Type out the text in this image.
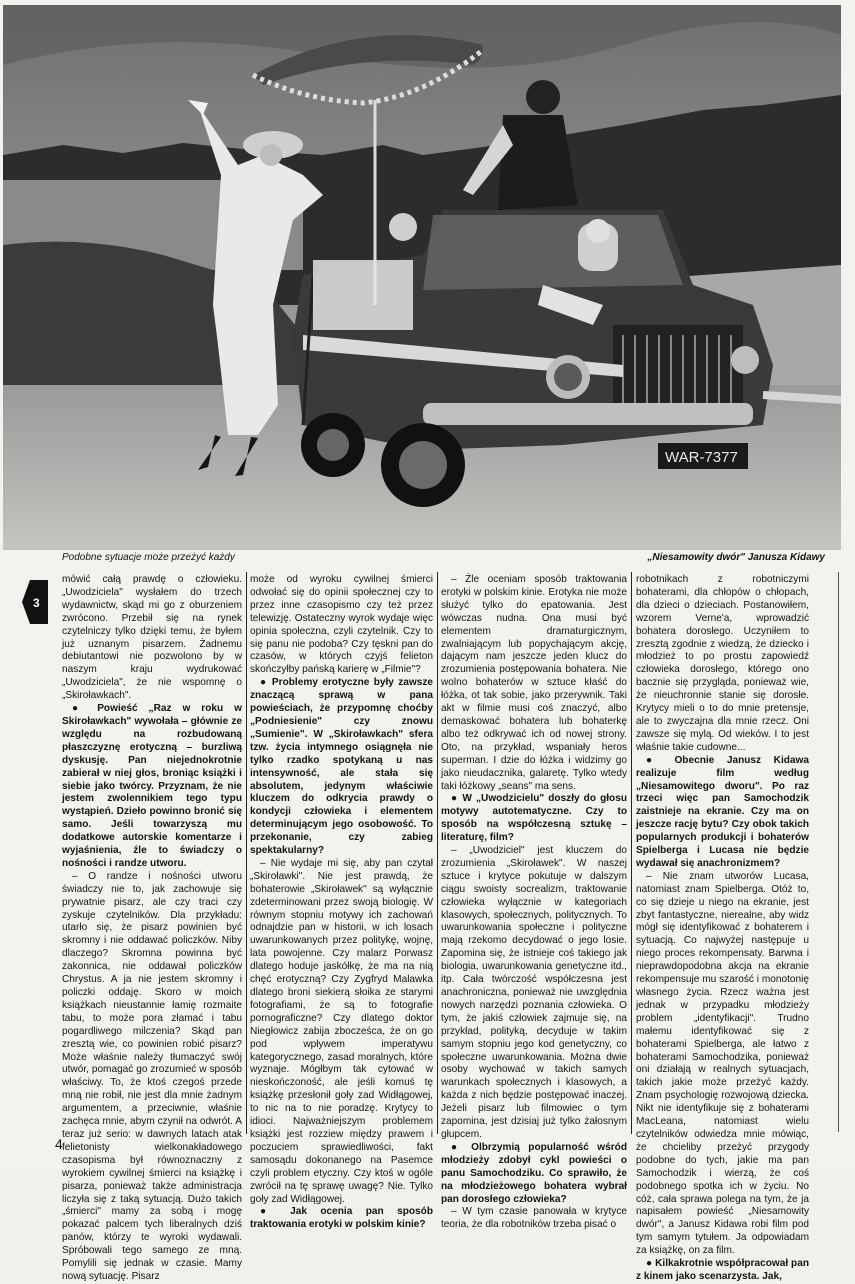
WAR-7377
Podobne sytuacje może przeżyć każdy	„Niesamowity dwór" Janusza Kidawy
3

mówić całą prawdę o człowieku. „Uwodziciela" wysłałem do trzech wydawnictw, skąd mi go z oburzeniem zwrócono. Przebił się na rynek czytelniczy tylko dzięki temu, że byłem już uznanym pisarzem. Żadnemu debiutantowi nie pozwolono by w naszym kraju wydrukować „Uwodziciela", że nie wspomnę o „Skiroławkach".

● Powieść „Raz w roku w Skiroławkach" wywołała – głównie ze względu na rozbudowaną płaszczyznę erotyczną – burzliwą dyskusję. Pan niejednokrotnie zabierał w niej głos, broniąc książki i siebie jako twórcy. Przyznam, że nie jestem zwolennikiem tego typu wystąpień. Dzieło powinno bronić się samo. Jeśli towarzyszą mu dodatkowe autorskie komentarze i wyjaśnienia, źle to świadczy o nośności i randze utworu.

– O randze i nośności utworu świadczy nie to, jak zachowuje się prywatnie pisarz, ale czy traci czy zyskuje czytelników. Dla przykładu: utarło się, że pisarz powinien być skromny i nie oddawać policzków. Niby dlaczego? Skromna powinna być zakonnica, nie oddawał policzków Chrystus. A ja nie jestem skromny i policzki oddaję. Skoro w moich książkach nieustannie łamię rozmaite tabu, to może pora złamać i tabu pogardliwego milczenia? Skąd pan zresztą wie, co powinien robić pisarz? Może właśnie należy tłumaczyć swój utwór, pomagać go zrozumieć w sposób właściwy. To, że ktoś czegoś przede mną nie robił, nie jest dla mnie żadnym argumentem, a przeciwnie, właśnie zachęca mnie, abym czynił na odwrót. A teraz już serio: w dawnych latach atak felietonisty wielkonakładowego czasopisma był równoznaczny z wyrokiem cywilnej śmierci na książkę i pisarza, ponieważ także administracja liczyła się z taką sytuacją. Dużo takich „śmierci" mamy za sobą i mogę pokazać palcem tych liberalnych dziś panów, którzy te wyroki wydawali. Spróbowali tego samego ze mną. Pomylili się jednak w czasie. Mamy nową sytuację. Pisarz

może od wyroku cywilnej śmierci odwołać się do opinii społecznej czy to przez inne czasopismo czy też przez telewizję. Ostateczny wyrok wydaje więc opinia społeczna, czyli czytelnik. Czy to się panu nie podoba? Czy tęskni pan do czasów, w których czyjś felieton skończyłby pańską karierę w „Filmie"?

● Problemy erotyczne były zawsze znaczącą sprawą w pana powieściach, że przypomnę choćby „Podniesienie" czy znowu „Sumienie". W „Skiroławkach" sfera tzw. życia intymnego osiągnęła nie tylko rzadko spotykaną u nas intensywność, ale stała się absolutem, jedynym właściwie kluczem do odkrycia prawdy o kondycji człowieka i elementem determinującym jego osobowość. To przekonanie, czy zabieg spektakularny?

– Nie wydaje mi się, aby pan czytał „Skiroławki". Nie jest prawdą, że bohaterowie „Skiroławek" są wyłącznie zdeterminowani przez swoją biologię. W równym stopniu motywy ich zachowań odnajdzie pan w historii, w ich losach uwarunkowanych przez politykę, wojnę, lata powojenne. Czy malarz Porwasz dlatego hoduje jaskółkę, że ma na nią chęć erotyczną? Czy Zygfryd Malawka dlatego broni siekierą słoika ze starymi fotografiami, że są to fotografie pornograficzne? Czy dlatego doktor Niegłowicz zabija zbocześca, że on go pod wpływem imperatywu kategorycznego, zasad moralnych, które wyznaje. Mógłbym tak cytować w nieskończoność, ale jeśli komuś tę książkę przesłonił goły zad Widłągowej, to nic na to nie poradzę. Krytycy to idioci. Najważniejszym problemem książki jest rozziew między prawem i poczuciem sprawiedliwości, fakt samosądu dokonanego na Pasemce czyli problem etyczny. Czy ktoś w ogóle zwrócił na tę sprawę uwagę? Nie. Tylko goły zad Widłągowej.

● Jak ocenia pan sposób traktowania erotyki w polskim kinie?

– Źle oceniam sposób traktowania erotyki w polskim kinie. Erotyka nie może służyć tylko do epatowania. Jest wówczas nudna. Ona musi być elementem dramaturgicznym, zwalniającym lub popychającym akcję, dającym nam jeszcze jeden klucz do zrozumienia postępowania bohatera. Nie wolno bohaterów w sztuce kłaść do łóżka, ot tak sobie, jako przerywnik. Taki akt w filmie musi coś znaczyć, albo demaskować bohatera lub bohaterkę albo też odkrywać ich od nowej strony. Oto, na przykład, wspaniały heros superman. I dzie do łóżka i widzimy go jako nieudacznika, galaretę. Tylko wtedy taki łóżkowy „seans" ma sens.

● W „Uwodzicielu" doszły do głosu motywy autotematyczne. Czy to sposób na współczesną sztukę – literaturę, film?

– „Uwodziciel" jest kluczem do zrozumienia „Skiroławek". W naszej sztuce i krytyce pokutuje w dalszym ciągu swoisty socrealizm, traktowanie człowieka wyłącznie w kategoriach klasowych, społecznych, politycznych. To uwarunkowania społeczne i polityczne mają rzekomo decydować o jego losie. Zapomina się, że istnieje coś takiego jak biologia, uwarunkowania genetyczne itd., itp. Cała twórczość współczesna jest anachroniczna, ponieważ nie uwzględnia nowych narzędzi poznania człowieka. O tym, że jakiś człowiek zajmuje się, na przykład, polityką, decyduje w takim samym stopniu jego kod genetyczny, co społeczne uwarunkowania. Można dwie osoby wychować w takich samych warunkach społecznych i klasowych, a każda z nich będzie postępować inaczej. Jeżeli pisarz lub filmowiec o tym zapomina, jest dzisiaj już tylko żałosnym głupcem.

● Olbrzymią popularność wśród młodzieży zdobył cykl powieści o panu Samochodziku. Co sprawiło, że na młodzieżowego bohatera wybrał pan dorosłego człowieka?

– W tym czasie panowała w krytyce teoria, że dla robotników trzeba pisać o

robotnikach z robotniczymi bohaterami, dla chłopów o chłopach, dla dzieci o dzieciach. Postanowiłem, wzorem Verne'a, wprowadzić bohatera dorosłego. Uczyniłem to zresztą zgodnie z wiedzą, że dziecko i młodzież to po prostu zapowiedź człowieka dorosłego, którego ono bacznie się przygląda, ponieważ wie, że nieuchronnie stanie się dorosłe. Krytycy mieli o to do mnie pretensje, ale to zwyczajna dla mnie rzecz. Oni zawsze się mylą. Od wieków. I to jest właśnie takie cudowne...

● Obecnie Janusz Kidawa realizuje film według „Niesamowitego dworu". Po raz trzeci więc pan Samochodzik zaistnieje na ekranie. Czy ma on jeszcze rację bytu? Czy obok takich popularnych produkcji i bohaterów Spielberga i Lucasa nie będzie wydawał się anachronizmem?

– Nie znam utworów Lucasa, natomiast znam Spielberga. Otóż to, co się dzieje u niego na ekranie, jest zbyt fantastyczne, nierealne, aby widz mógł się identyfikować z bohaterem i sytuacją. Co najwyżej następuje u niego proces rekompensaty. Barwna i nieprawdopodobna akcja na ekranie rekompensuje mu szarość i monotonię własnego życia. Rzecz ważna jest jednak w przypadku młodzieży problem „identyfikacji". Trudno małemu identyfikować się z bohaterami Spielberga, ale łatwo z bohaterami Samochodzika, ponieważ oni działają w realnych sytuacjach, takich jakie może przeżyć każdy. Znam psychologię rozwojową dziecka. Nikt nie identyfikuje się z bohaterami MacLeana, natomiast wielu czytelników odwiedza mnie mówiąc, że chcieliby przeżyć przygody podobne do tych, jakie ma pan Samochodzik i wierzą, że coś podobnego spotka ich w życiu. No cóż, cała sprawa polega na tym, że ja napisałem powieść „Niesamowity dwór", a Janusz Kidawa robi film pod tym samym tytułem. Ja odpowiadam za książkę, on za film.

● Kilkakrotnie współpracował pan z kinem jako scenarzysta. Jak,

4
